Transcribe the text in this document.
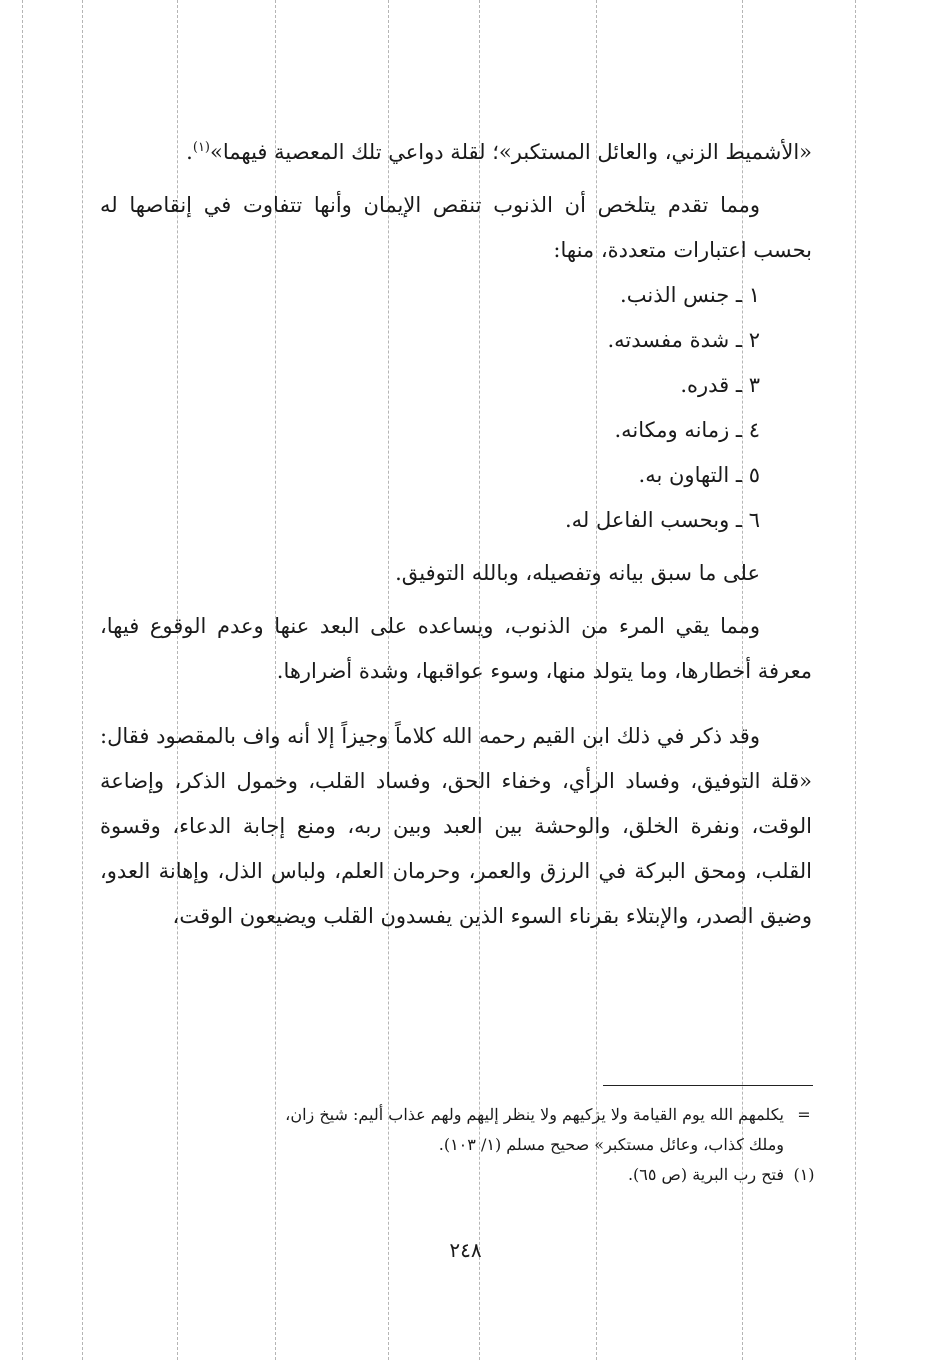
«الأشميط الزني، والعائل المستكبر»؛ لقلة دواعي تلك المعصية فيهما»$^{(١)}$.

ومما تقدم يتلخص أن الذنوب تنقص الإيمان وأنها تتفاوت في إنقاصها له بحسب اعتبارات متعددة، منها:

١ ـ جنس الذنب.
٢ ـ شدة مفسدته.
٣ ـ قدره.
٤ ـ زمانه ومكانه.
٥ ـ التهاون به.
٦ ـ وبحسب الفاعل له.

على ما سبق بيانه وتفصيله، وبالله التوفيق.

ومما يقي المرء من الذنوب، ويساعده على البعد عنها وعدم الوقوع فيها، معرفة أخطارها، وما يتولد منها، وسوء عواقبها، وشدة أضرارها.

وقد ذكر في ذلك ابن القيم رحمه الله كلاماً وجيزاً إلا أنه واف بالمقصود فقال: «قلة التوفيق، وفساد الرأي، وخفاء الحق، وفساد القلب، وخمول الذكر، وإضاعة الوقت، ونفرة الخلق، والوحشة بين العبد وبين ربه، ومنع إجابة الدعاء، وقسوة القلب، ومحق البركة في الرزق والعمر، وحرمان العلم، ولباس الذل، وإهانة العدو، وضيق الصدر، والإبتلاء بقرناء السوء الذين يفسدون القلب ويضيعون الوقت،

=يكلمهم الله يوم القيامة ولا يزكيهم ولا ينظر إليهم ولهم عذاب أليم: شيخ زان،

وملك كذاب، وعائل مستكبر» صحيح مسلم (١/ ١٠٣).

(١)فتح رب البرية (ص ٦٥).

٢٤٨
